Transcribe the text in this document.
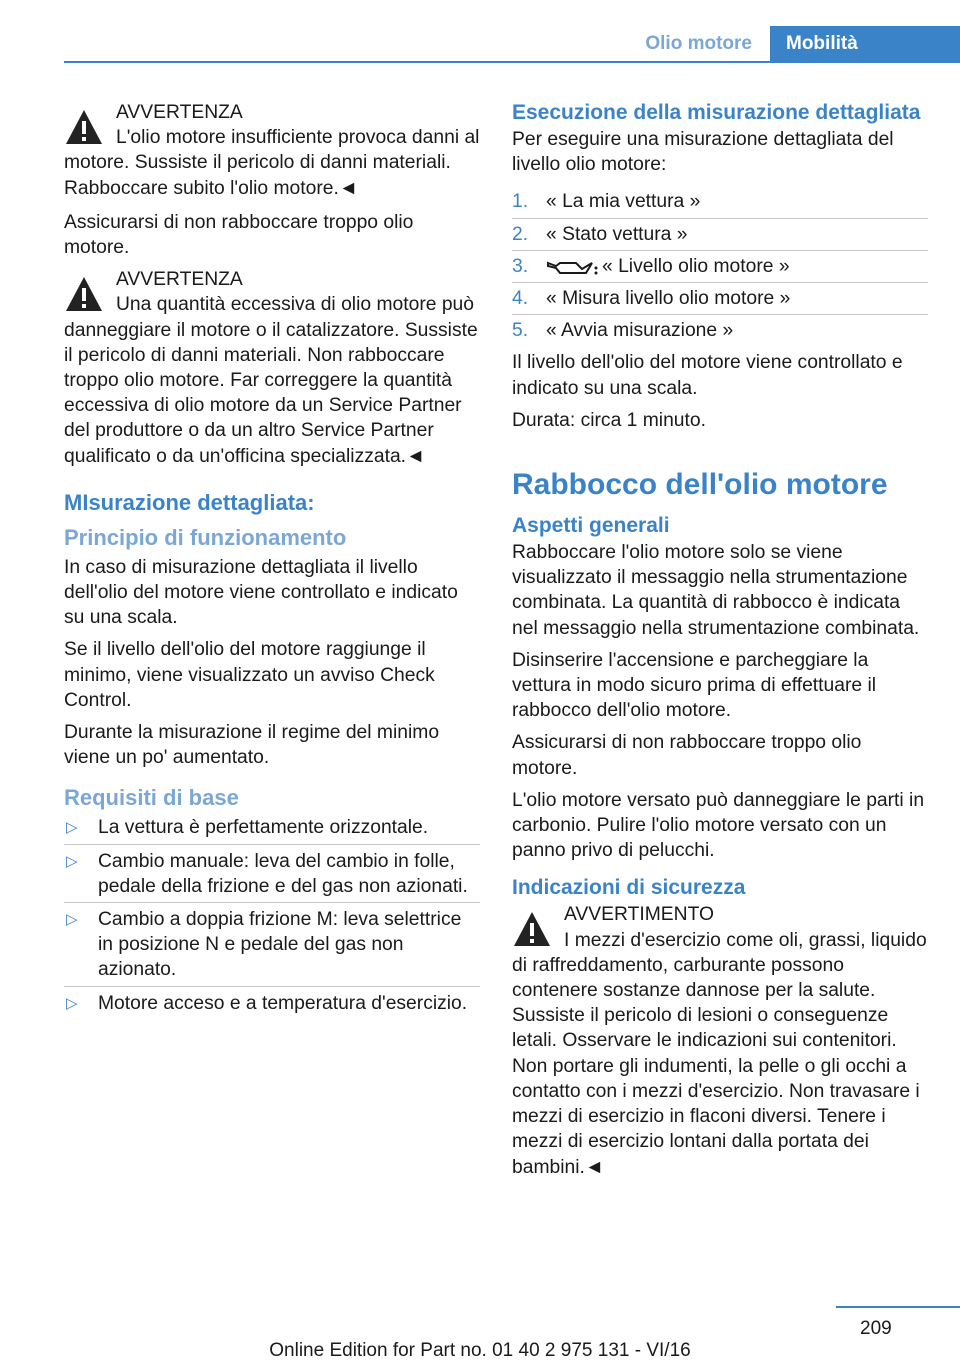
Olio motore	Mobilità
AVVERTENZA
L'olio motore insufficiente provoca danni al motore. Sussiste il pericolo di danni materiali. Rabboccare subito l'olio motore.◄

Assicurarsi di non rabboccare troppo olio motore.

AVVERTENZA
Una quantità eccessiva di olio motore può danneggiare il motore o il catalizzatore. Sussiste il pericolo di danni materiali. Non rabboccare troppo olio motore. Far correggere la quantità eccessiva di olio motore da un Service Partner del produttore o da un altro Service Partner qualificato o da un'officina specializzata.◄
MIsurazione dettagliata:
Principio di funzionamento

In caso di misurazione dettagliata il livello dell'olio del motore viene controllato e indicato su una scala.

Se il livello dell'olio del motore raggiunge il minimo, viene visualizzato un avviso Check Control.

Durante la misurazione il regime del minimo viene un po' aumentato.

Requisiti di base
▷ La vettura è perfettamente orizzontale.
▷ Cambio manuale: leva del cambio in folle, pedale della frizione e del gas non azionati.
▷ Cambio a doppia frizione M: leva selettrice in posizione N e pedale del gas non azionato.
▷ Motore acceso e a temperatura d'esercizio.
Esecuzione della misurazione dettagliata

Per eseguire una misurazione dettagliata del livello olio motore:

1. « La mia vettura »
2. « Stato vettura »
3.	« Livello olio motore »
4. « Misura livello olio motore »
5. « Avvia misurazione »

Il livello dell'olio del motore viene controllato e indicato su una scala.

Durata: circa 1 minuto.

Rabbocco dell'olio motore
Aspetti generali

Rabboccare l'olio motore solo se viene visualizzato il messaggio nella strumentazione combinata. La quantità di rabbocco è indicata nel messaggio nella strumentazione combinata.

Disinserire l'accensione e parcheggiare la vettura in modo sicuro prima di effettuare il rabbocco dell'olio motore.

Assicurarsi di non rabboccare troppo olio motore.

L'olio motore versato può danneggiare le parti in carbonio. Pulire l'olio motore versato con un panno privo di pelucchi.

Indicazioni di sicurezza
AVVERTIMENTO
I mezzi d'esercizio come oli, grassi, liquido di raffreddamento, carburante possono contenere sostanze dannose per la salute. Sussiste il pericolo di lesioni o conseguenze letali. Osservare le indicazioni sui contenitori. Non portare gli indumenti, la pelle o gli occhi a contatto con i mezzi d'esercizio. Non travasare i mezzi di esercizio in flaconi diversi. Tenere i mezzi di esercizio lontani dalla portata dei bambini.◄
209
Online Edition for Part no. 01 40 2 975 131 - VI/16
